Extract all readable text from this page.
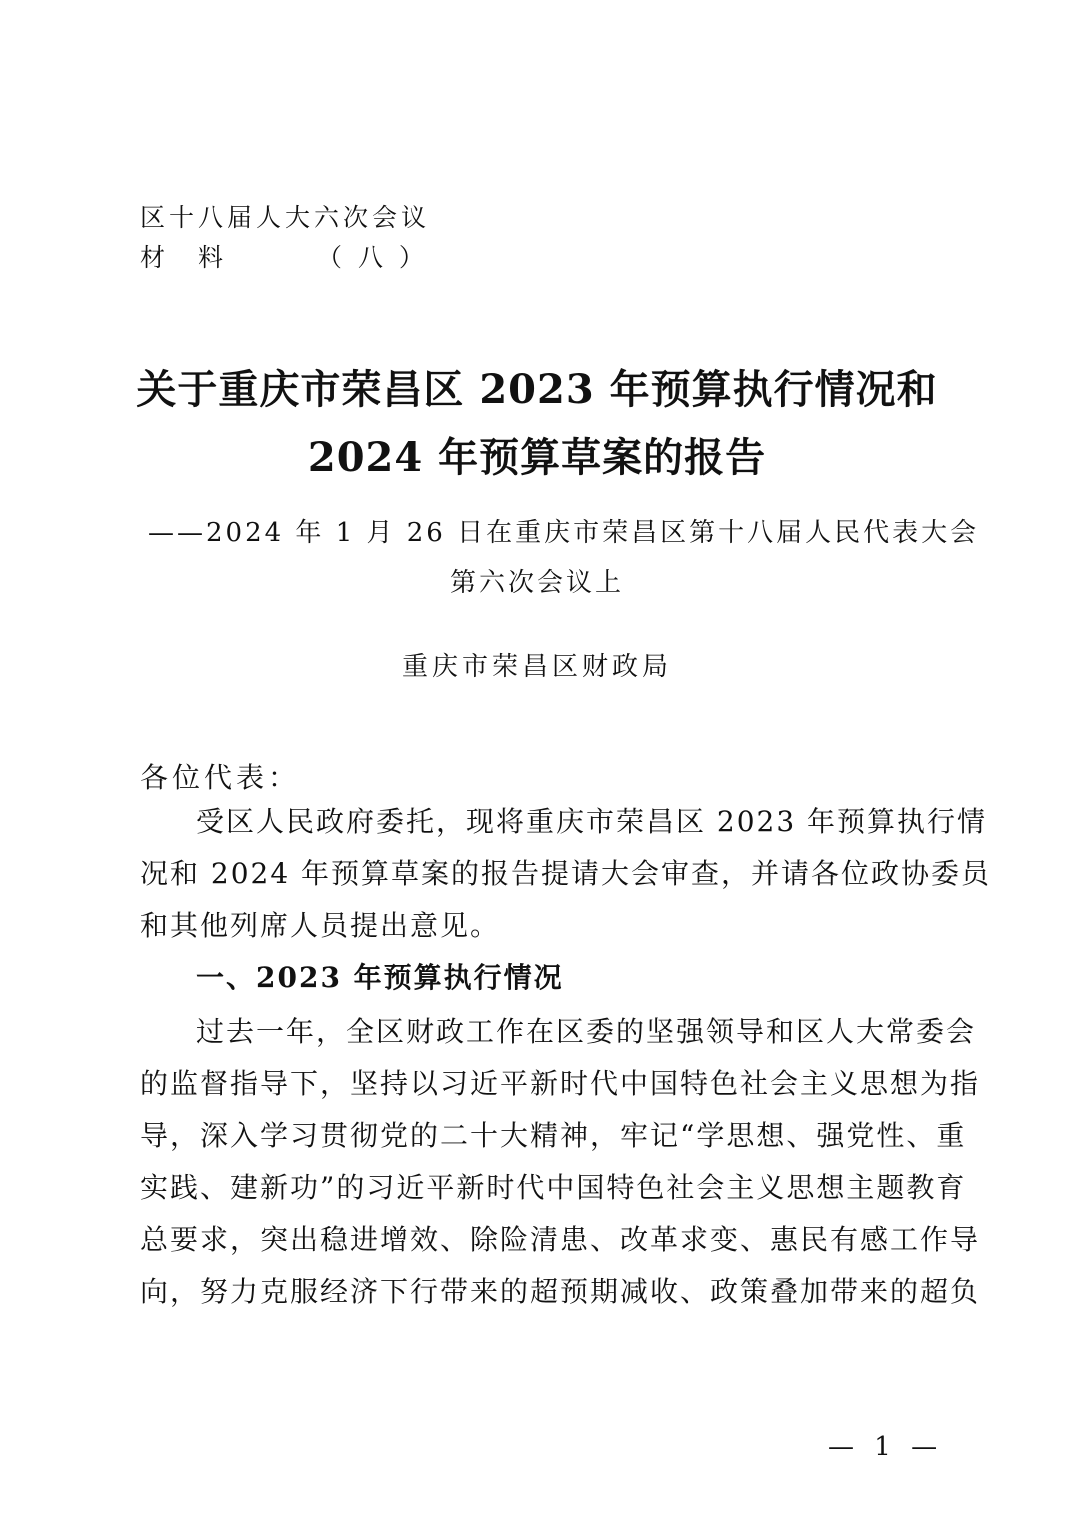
区十八届人大六次会议
材　料	（ 八 ）
关于重庆市荣昌区 2023 年预算执行情况和
2024 年预算草案的报告
——2024 年 1 月 26 日在重庆市荣昌区第十八届人民代表大会
第六次会议上
重庆市荣昌区财政局
各位代表：
受区人民政府委托，现将重庆市荣昌区 2023 年预算执行情
况和 2024 年预算草案的报告提请大会审查，并请各位政协委员
和其他列席人员提出意见。
一、2023 年预算执行情况
过去一年，全区财政工作在区委的坚强领导和区人大常委会
的监督指导下，坚持以习近平新时代中国特色社会主义思想为指
导，深入学习贯彻党的二十大精神，牢记“学思想、强党性、重
实践、建新功”的习近平新时代中国特色社会主义思想主题教育
总要求，突出稳进增效、除险清患、改革求变、惠民有感工作导
向，努力克服经济下行带来的超预期减收、政策叠加带来的超负
— 1 —
